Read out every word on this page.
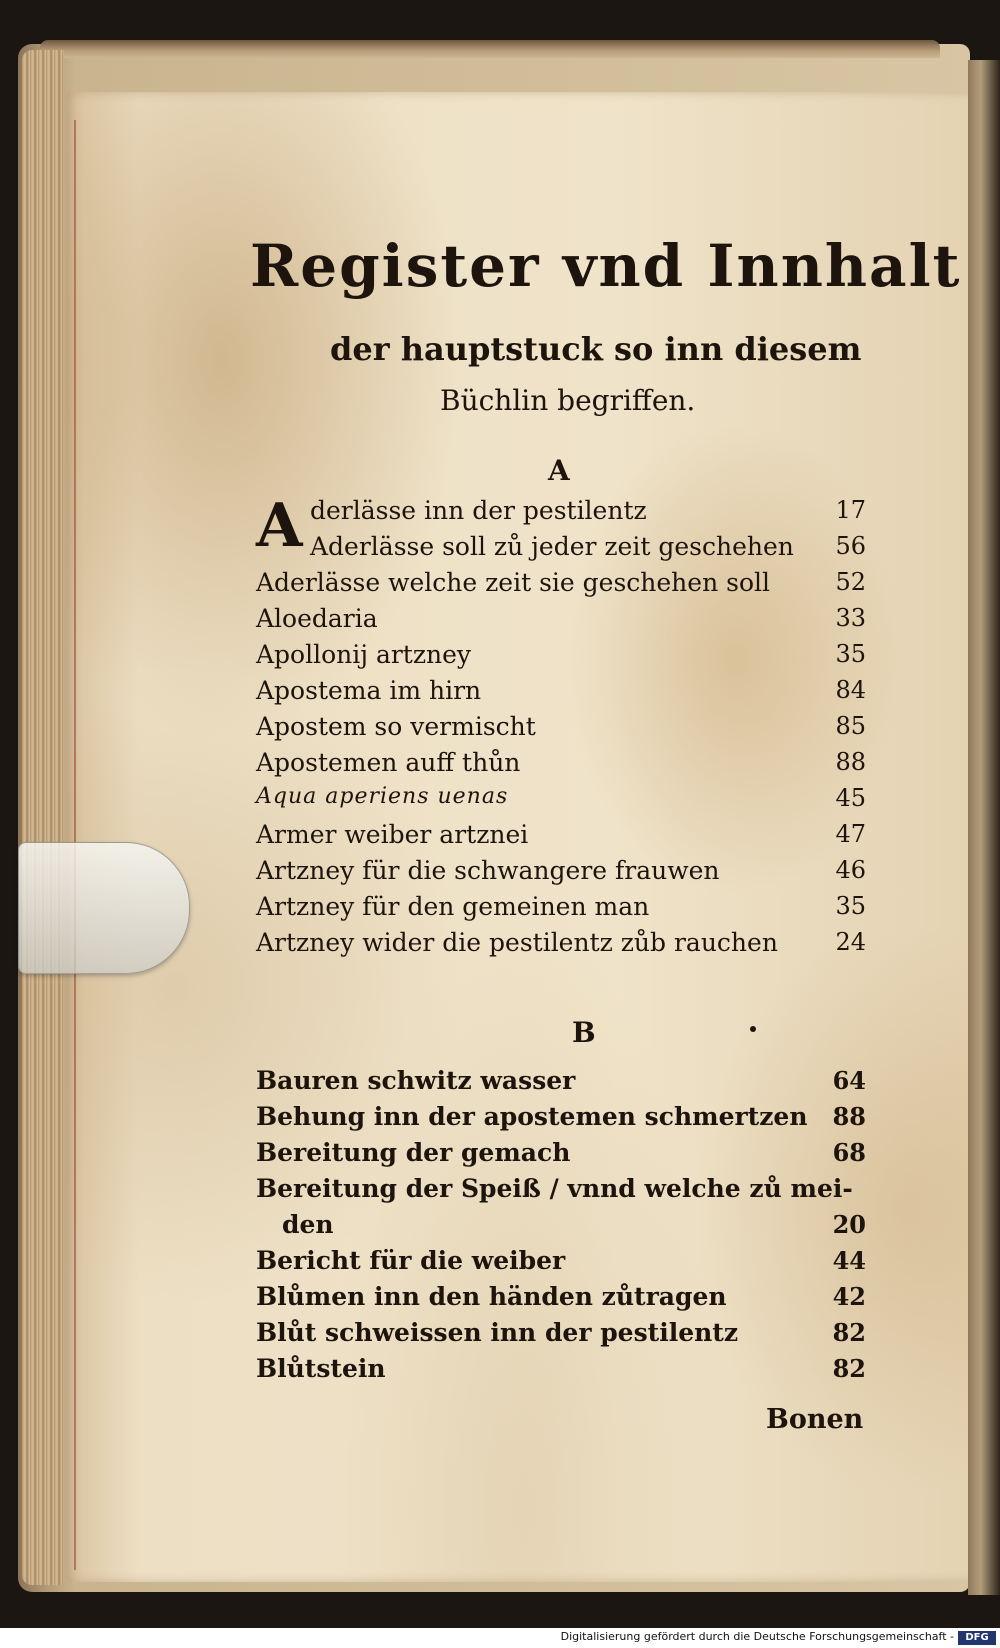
Register vnd Innhalt
der hauptstuck so inn diesem
Büchlin begriffen.
A
A derlässe inn der pestilentz	17
Aderlässe soll zů jeder zeit geschehen 56
Aderlässe welche zeit sie geschehen soll	52
Aloedaria	33
Apollonij artzney	35
Apostema im hirn	84
Apostem so vermischt	85
Apostemen auff thůn	88
Aqua aperiens uenas	45
Armer weiber artznei	47
Artzney für die schwangere frauwen	46
Artzney für den gemeinen man	35
Artzney wider die pestilentz zůb rauchen 24
B
Bauren schwitz wasser	64
Behung inn der apostemen schmertzen 88
Bereitung der gemach	68
Bereitung der Speiß / vnnd welche zů mei-
den	20
Bericht für die weiber	44
Blůmen inn den händen zůtragen	42
Blůt schweissen inn der pestilentz	82
Blůtstein	82
Bonen
Digitalisierung gefördert durch die Deutsche Forschungsgemeinschaft -	DFG
